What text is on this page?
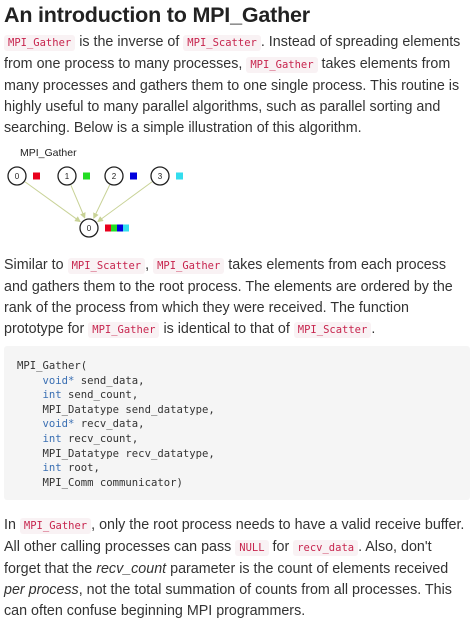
An introduction to MPI_Gather

MPI_Gather is the inverse of MPI_Scatter . Instead of spreading elements from one process to many processes, MPI_Gather takes elements from many processes and gathers them to one single process. This routine is highly useful to many parallel algorithms, such as parallel sorting and searching. Below is a simple illustration of this algorithm.

MPI_Gather
0	1	2	3
0

Similar to MPI_Scatter , MPI_Gather takes elements from each process and gathers them to the root process. The elements are ordered by the rank of the process from which they were received. The function prototype for MPI_Gather is identical to that of MPI_Scatter .

MPI_Gather(
void* send_data,
int send_count,
MPI_Datatype send_datatype,
void* recv_data,
int recv_count,
MPI_Datatype recv_datatype,
int root,
MPI_Comm communicator)

In MPI_Gather , only the root process needs to have a valid receive buffer. All other calling processes can pass NULL for recv_data . Also, don't forget that the recv_count parameter is the count of elements received per process, not the total summation of counts from all processes. This can often confuse beginning MPI programmers.
